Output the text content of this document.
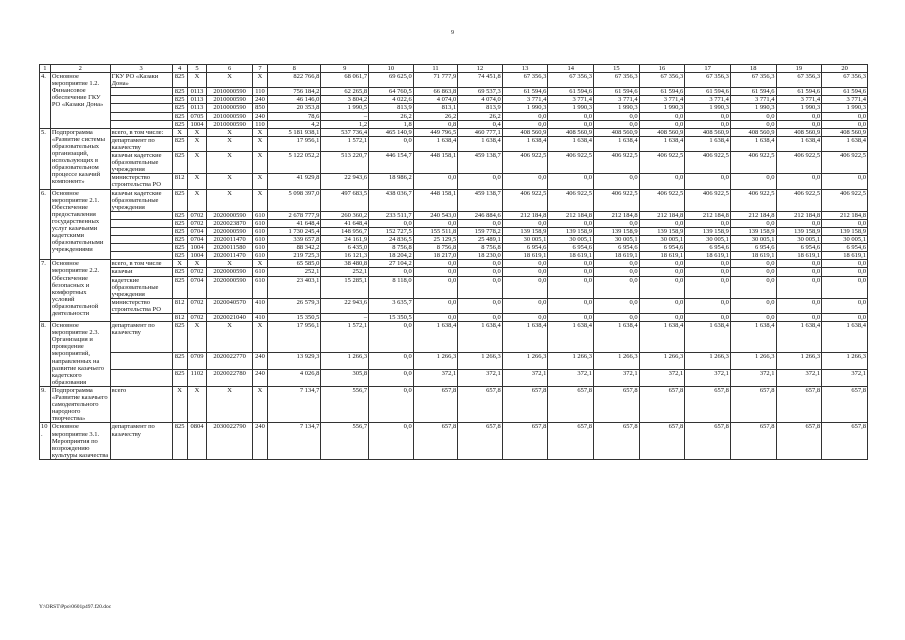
9
1	2	3	4	5	6	7	8	9	10	11	12	13	14	15	16	17	18	19	20
4.	Основное мероприятие 1.2. Финансовое обеспечение ГКУ РО «Казаки Дона»	ГКУ РО «Казаки Дона»	825	X	X	X	822 766,8	68 061,7	69 625,0	71 777,9	74 451,8	67 356,3	67 356,3	67 356,3	67 356,3	67 356,3	67 356,3	67 356,3	67 356,3
			825	0113	2010000590	110	756 184,2	62 265,8	64 760,5	66 863,8	69 537,3	61 594,6	61 594,6	61 594,6	61 594,6	61 594,6	61 594,6	61 594,6	61 594,6
			825	0113	2010000590	240	46 146,0	3 804,2	4 022,6	4 074,0	4 074,0	3 771,4	3 771,4	3 771,4	3 771,4	3 771,4	3 771,4	3 771,4	3 771,4
			825	0113	2010000590	850	20 353,8	1 990,5	813,9	813,1	813,9	1 990,3	1 990,3	1 990,3	1 990,3	1 990,3	1 990,3	1 990,3	1 990,3
			825	0705	2010000590	240	78,6	–	26,2	26,2	26,2	0,0	0,0	0,0	0,0	0,0	0,0	0,0	0,0
			825	1004	2010000590	110	4,2	1,2	1,8	0,8	0,4	0,0	0,0	0,0	0,0	0,0	0,0	0,0	0,0
5.	Подпрограмма «Развитие системы образовательных организаций, использующих в образовательном процессе казачий компонент»	всего, в том числе:	X	X	X	X	5 181 938,1	537 736,4	465 140,9	449 796,5	460 777,1	408 560,9	408 560,9	408 560,9	408 560,9	408 560,9	408 560,9	408 560,9	408 560,9
		департамент по казачеству	825	X	X	X	17 956,1	1 572,1	0,0	1 638,4	1 638,4	1 638,4	1 638,4	1 638,4	1 638,4	1 638,4	1 638,4	1 638,4	1 638,4
		казачьи кадетские образовательные учреждения	825	X	X	X	5 122 052,2	513 220,7	446 154,7	448 158,1	459 138,7	406 922,5	406 922,5	406 922,5	406 922,5	406 922,5	406 922,5	406 922,5	406 922,5
		министерство строительства РО	812	X	X	X	41 929,8	22 943,6	18 986,2	0,0	0,0	0,0	0,0	0,0	0,0	0,0	0,0	0,0	0,0
6.	Основное мероприятие 2.1. Обеспечение предоставления государственных услуг казачьими кадетскими образовательными учреждениями	казачьи кадетские образовательные учреждения	825	X	X	X	5 098 397,0	497 683,5	438 036,7	448 158,1	459 138,7	406 922,5	406 922,5	406 922,5	406 922,5	406 922,5	406 922,5	406 922,5	406 922,5
			825	0702	2020000590	610	2 678 777,9	260 360,2	233 511,7	240 543,0	246 884,6	212 184,8	212 184,8	212 184,8	212 184,8	212 184,8	212 184,8	212 184,8	212 184,8
			825	0702	2020023870	610	41 648,4	41 648,4	0,0	0,0	0,0	0,0	0,0	0,0	0,0	0,0	0,0	0,0	0,0
			825	0704	2020000590	610	1 730 245,4	148 956,7	152 727,5	155 511,8	159 778,2	139 158,9	139 158,9	139 158,9	139 158,9	139 158,9	139 158,9	139 158,9	139 158,9
			825	0704	2020011470	610	339 657,8	24 161,9	24 836,5	25 129,5	25 489,1	30 005,1	30 005,1	30 005,1	30 005,1	30 005,1	30 005,1	30 005,1	30 005,1
			825	1004	2020011580	610	88 342,2	6 435,0	8 756,8	8 756,8	8 756,8	6 954,6	6 954,6	6 954,6	6 954,6	6 954,6	6 954,6	6 954,6	6 954,6
			825	1004	2020011470	610	219 725,3	16 121,3	18 204,2	18 217,0	18 230,0	18 619,1	18 619,1	18 619,1	18 619,1	18 619,1	18 619,1	18 619,1	18 619,1
7.	Основное мероприятие 2.2. Обеспечение безопасных и комфортных условий образовательной деятельности	всего, в том числе	X	X	X	X	65 585,0	38 480,8	27 104,2	0,0	0,0	0,0	0,0	0,0	0,0	0,0	0,0	0,0	0,0
		казачьи	825	0702	2020000590	610	252,1	252,1	0,0	0,0	0,0	0,0	0,0	0,0	0,0	0,0	0,0	0,0	0,0
		кадетские образовательные учреждения	825	0704	2020000590	610	23 403,1	15 285,1	8 118,0	0,0	0,0	0,0	0,0	0,0	0,0	0,0	0,0	0,0	0,0
		министерство строительства РО	812	0702	2020040570	410	26 579,3	22 943,6	3 635,7	0,0	0,0	0,0	0,0	0,0	0,0	0,0	0,0	0,0	0,0
			812	0702	2020021040	410	15 350,5	–	15 350,5	0,0	0,0	0,0	0,0	0,0	0,0	0,0	0,0	0,0	0,0
8.	Основное мероприятие 2.3. Организация и проведение мероприятий, направленных на развитие казачьего кадетского образования	департамент по казачеству	825	X	X	X	17 956,1	1 572,1	0,0	1 638,4	1 638,4	1 638,4	1 638,4	1 638,4	1 638,4	1 638,4	1 638,4	1 638,4	1 638,4
			825	0709	2020022770	240	13 929,3	1 266,3	0,0	1 266,3	1 266,3	1 266,3	1 266,3	1 266,3	1 266,3	1 266,3	1 266,3	1 266,3	1 266,3
			825	1102	2020022780	240	4 026,8	305,8	0,0	372,1	372,1	372,1	372,1	372,1	372,1	372,1	372,1	372,1	372,1
9.	Подпрограмма «Развитие казачьего самодеятельного народного творчества»	всего	X	X	X	X	7 134,7	556,7	0,0	657,8	657,8	657,8	657,8	657,8	657,8	657,8	657,8	657,8	657,8
10.	Основное мероприятие 3.1. Мероприятия по возрождению культуры казачества	департамент по казачеству	825	0804	2030022790	240	7 134,7	556,7	0,0	657,8	657,8	657,8	657,8	657,8	657,8	657,8	657,8	657,8	657,8
Y:\ORST\Ppo\0601p497.f20.doc
